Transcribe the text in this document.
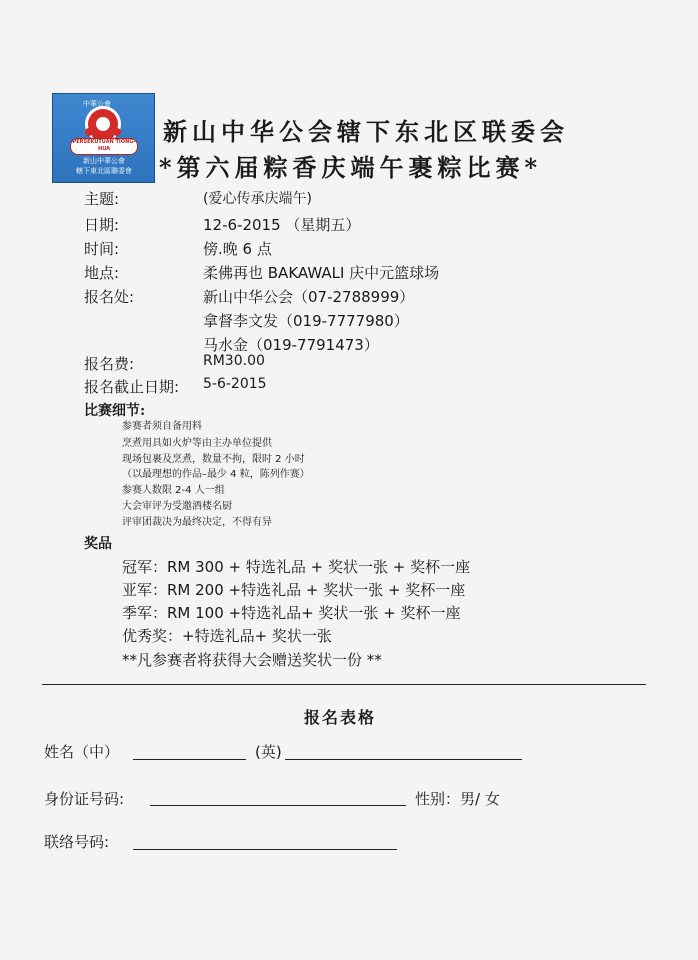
中華公會
PERSEKUTUAN TIONG-HUA
新山中華公會
轄下東北區聯委會
新山中华公会辖下东北区联委会
*第六届粽香庆端午裹粽比赛*
主题:	(爱心传承庆端午)
日期:	12-6-2015 （星期五）
时间:	傍.晚 6 点
地点:	柔佛再也 BAKAWALI 庆中元篮球场
报名处:	新山中华公会（07-2788999）
拿督李文发（019-7777980）
马水金（019-7791473）
报名费:	RM30.00
报名截止日期: 5-6-2015
比赛细节:
参赛者须自备用料
烹煮用具如火炉等由主办单位提供
现场包裹及烹煮，数量不拘，限时 2 小时
（以最理想的作品–最少 4 粒，陈列作赛）
参赛人数限 2-4 人一组
大会审评为受邀酒楼名厨
评审团裁决为最终决定，不得有异
奖品
冠军：RM 300 + 特选礼品 + 奖状一张 + 奖杯一座
亚军：RM 200 +特选礼品 + 奖状一张 + 奖杯一座
季军：RM 100 +特选礼品+ 奖状一张 + 奖杯一座
优秀奖：+特选礼品+ 奖状一张
**凡参赛者将获得大会赠送奖状一份 **
报名表格
姓名（中）	(英)
身份证号码:	性别：男/ 女
联络号码:
